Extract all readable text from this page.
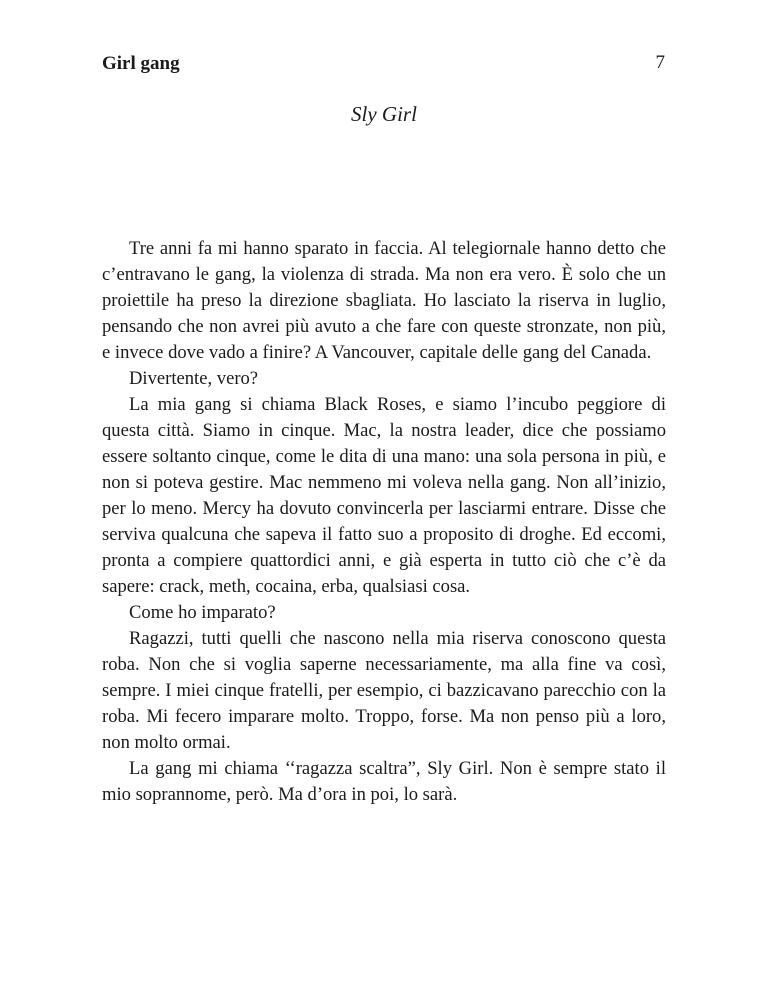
Girl gang	7
Sly Girl

Tre anni fa mi hanno sparato in faccia. Al telegiornale hanno detto che c’entravano le gang, la violenza di strada. Ma non era vero. È solo che un proiettile ha preso la direzione sbagliata. Ho lasciato la riserva in luglio, pensando che non avrei più avuto a che fare con queste stronzate, non più, e invece dove vado a finire? A Vancouver, capitale delle gang del Canada.

Divertente, vero?

La mia gang si chiama Black Roses, e siamo l’incubo peggiore di questa città. Siamo in cinque. Mac, la nostra leader, dice che possiamo essere soltanto cinque, come le dita di una mano: una sola persona in più, e non si poteva gestire. Mac nemmeno mi voleva nella gang. Non all’inizio, per lo meno. Mercy ha dovuto convincerla per lasciarmi entrare. Disse che serviva qualcuna che sapeva il fatto suo a proposito di droghe. Ed eccomi, pronta a compiere quattordici anni, e già esperta in tutto ciò che c’è da sapere: crack, meth, cocaina, erba, qualsiasi cosa.

Come ho imparato?

Ragazzi, tutti quelli che nascono nella mia riserva conoscono questa roba. Non che si voglia saperne necessariamente, ma alla fine va così, sempre. I miei cinque fratelli, per esempio, ci bazzicavano parecchio con la roba. Mi fecero imparare molto. Troppo, forse. Ma non penso più a loro, non molto ormai.

La gang mi chiama ‘‘ragazza scaltra”, Sly Girl. Non è sempre stato il mio soprannome, però. Ma d’ora in poi, lo sarà.
